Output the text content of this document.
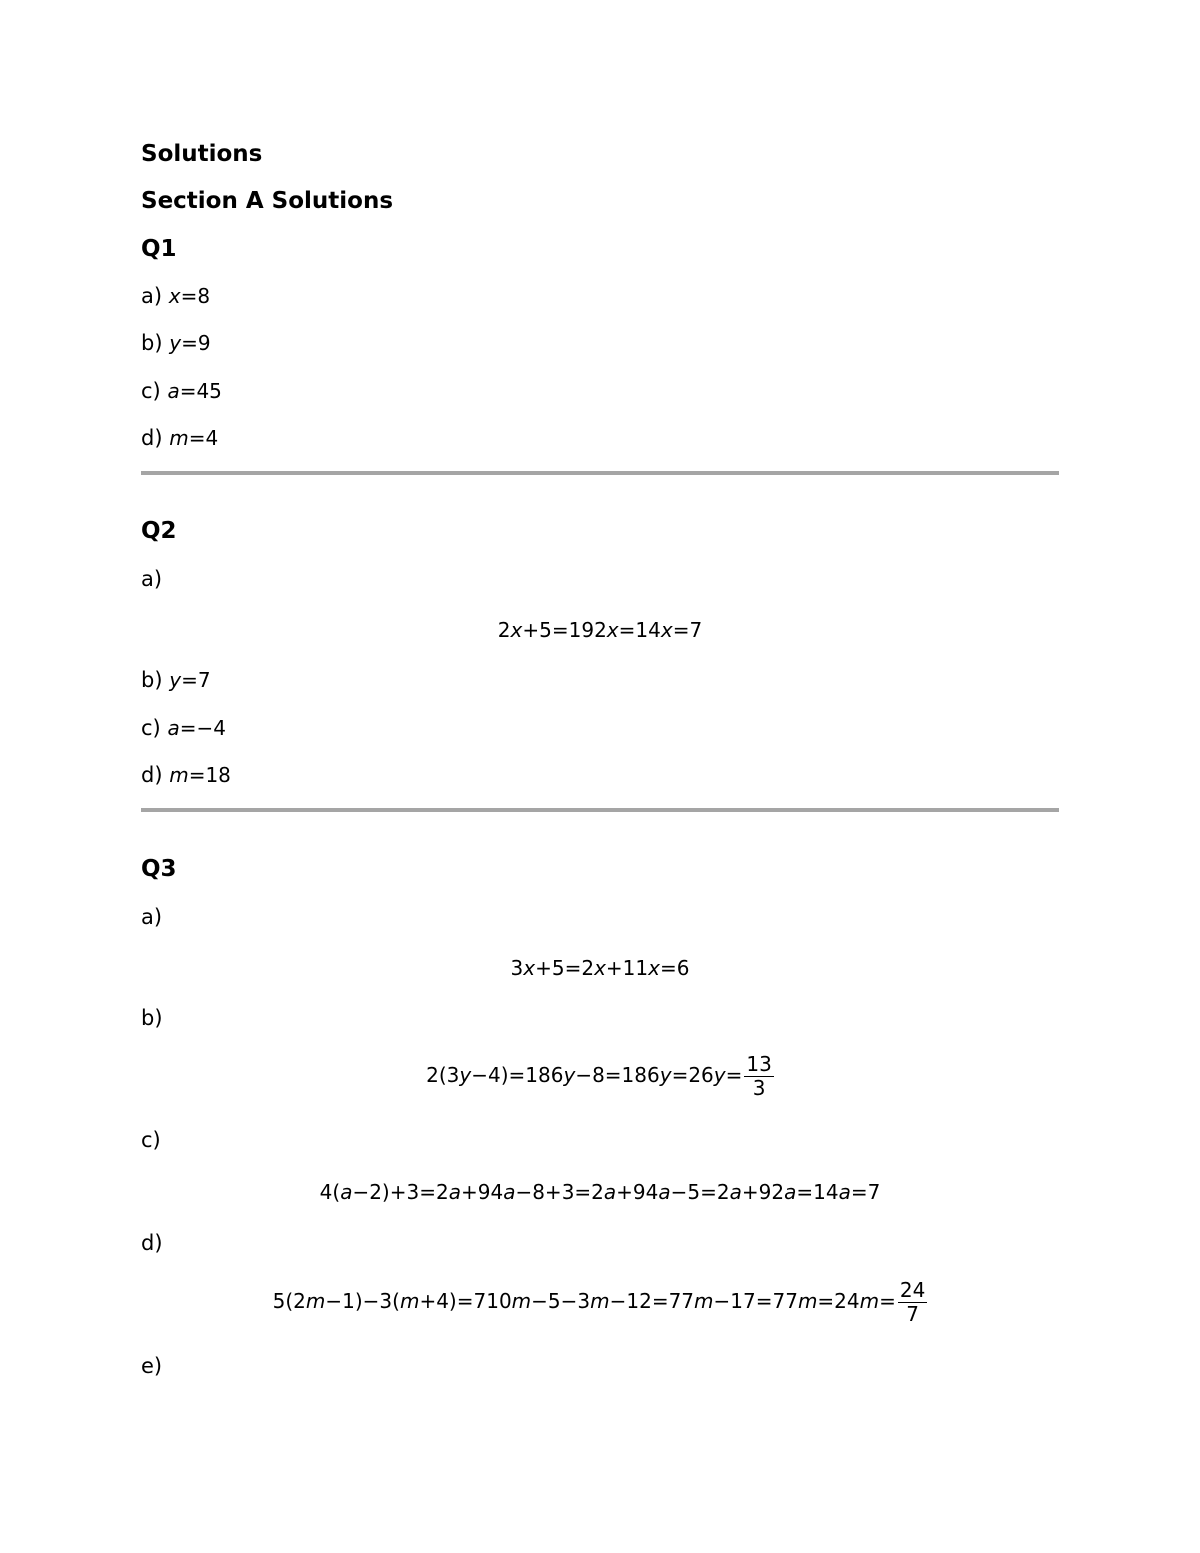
Solutions
Section A Solutions
Q1
a) x=8
b) y=9
c) a=45
d) m=4
Q2
a)
2x+5=192x=14x=7
b) y=7
c) a=−4
d) m=18
Q3
a)
3x+5=2x+11x=6
b)
$2(3y-4)=186y-8=186y=26y= \frac{13}{3}$
c)
4(a−2)+3=2a+94a−8+3=2a+94a−5=2a+92a=14a=7
d)
$5(2m-1)-3(m+4)=710m-5-3m-12=77m-17=77m=24m= \frac{24}{7}$
e)
